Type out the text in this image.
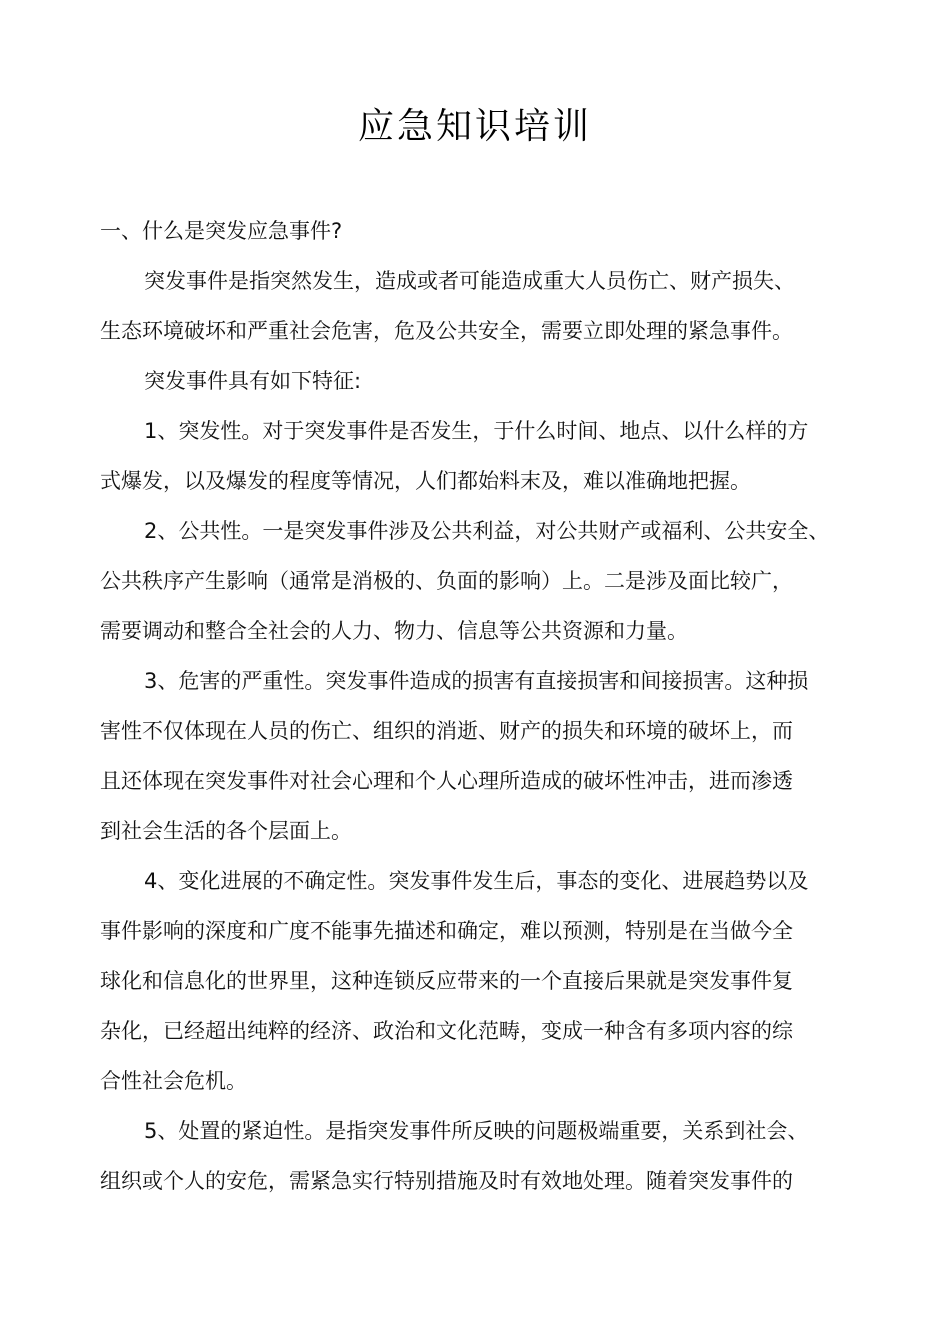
应急知识培训
一、什么是突发应急事件?
突发事件是指突然发生，造成或者可能造成重大人员伤亡、财产损失、
生态环境破坏和严重社会危害，危及公共安全，需要立即处理的紧急事件。
突发事件具有如下特征:
1、突发性。对于突发事件是否发生，于什么时间、地点、以什么样的方
式爆发，以及爆发的程度等情况，人们都始料末及，难以准确地把握。
2、公共性。一是突发事件涉及公共利益，对公共财产或福利、公共安全、
公共秩序产生影响（通常是消极的、负面的影响）上。二是涉及面比较广，
需要调动和整合全社会的人力、物力、信息等公共资源和力量。
3、危害的严重性。突发事件造成的损害有直接损害和间接损害。这种损
害性不仅体现在人员的伤亡、组织的消逝、财产的损失和环境的破坏上，而
且还体现在突发事件对社会心理和个人心理所造成的破坏性冲击，进而渗透
到社会生活的各个层面上。
4、变化进展的不确定性。突发事件发生后，事态的变化、进展趋势以及
事件影响的深度和广度不能事先描述和确定，难以预测，特别是在当做今全
球化和信息化的世界里，这种连锁反应带来的一个直接后果就是突发事件复
杂化，已经超出纯粹的经济、政治和文化范畴，变成一种含有多项内容的综
合性社会危机。
5、处置的紧迫性。是指突发事件所反映的问题极端重要，关系到社会、
组织或个人的安危，需紧急实行特别措施及时有效地处理。随着突发事件的
